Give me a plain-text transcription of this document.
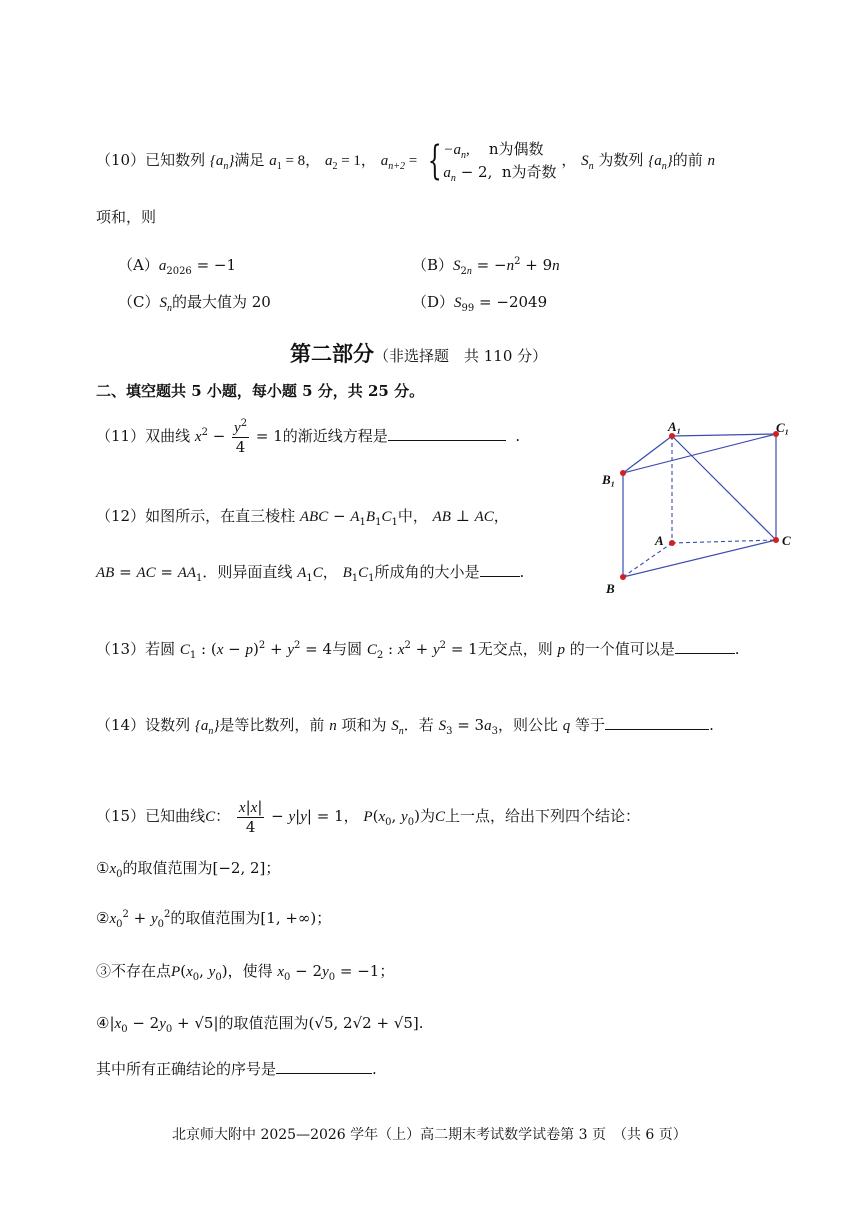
（10）已知数列 $\{a_n\}$满足 $a_1 = 8$， $a_2 = 1$， $a_{n+2}$ = { $-a_n$, n为偶数
$a_n - 2$,  n为奇数
， $S_n$ 为数列 $\{a_n\}$的前 n
项和，则
$(A)a_{2026} = -1$	$(B)S_{2n} = -n^2 + 9n$
$(C)S_n$的最大值为 20	$(D)S_{99} = -2049$
第二部分（非选择题　共 110 分）
二、填空题共 5 小题，每小题 5 分，共 25 分。
（11）双曲线 $x^2 - \frac{y^2}{4} = 1$的渐近线方程是	.
A₁	C₁
B₁
A	C
B
（12）如图所示，在直三棱柱 ABC − $A_1B_1C_1$中， AB ⊥ AC，
AB = AC = $AA_1$．则异面直线 $A_1C$， $B_1C_1$所成角的大小是	.
（13）若圆 $C_1$ : $(x - p)^2 + y^2 = 4$与圆 $C_2$ : $x^2 + y^2 = 1$无交点，则 p 的一个值可以是	.
（14）设数列 $\{a_n\}$是等比数列，前 n 项和为 $S_n$．若 $S_3 = 3a_3$，则公比 q 等于	.
（15）已知曲线C： $\frac{x|x|}{4} - y|y| = 1$， $P(x_0$, $y_0$)为C上一点，给出下列四个结论：
$①x_0$的取值范围为[−2, 2]；
$②x_0^2 + y_0^2$的取值范围为[1, +∞)；
③不存在点$P(x_0$, $y_0$)，使得 $x_0 - 2y_0 = -1$；
$④|x_0 - 2y_0 + √5|$的取值范围为(√5, 2√2 + √5].
其中所有正确结论的序号是	.
北京师大附中 2025—2026 学年（上）高二期末考试数学试卷第 3 页　（共 6 页）
